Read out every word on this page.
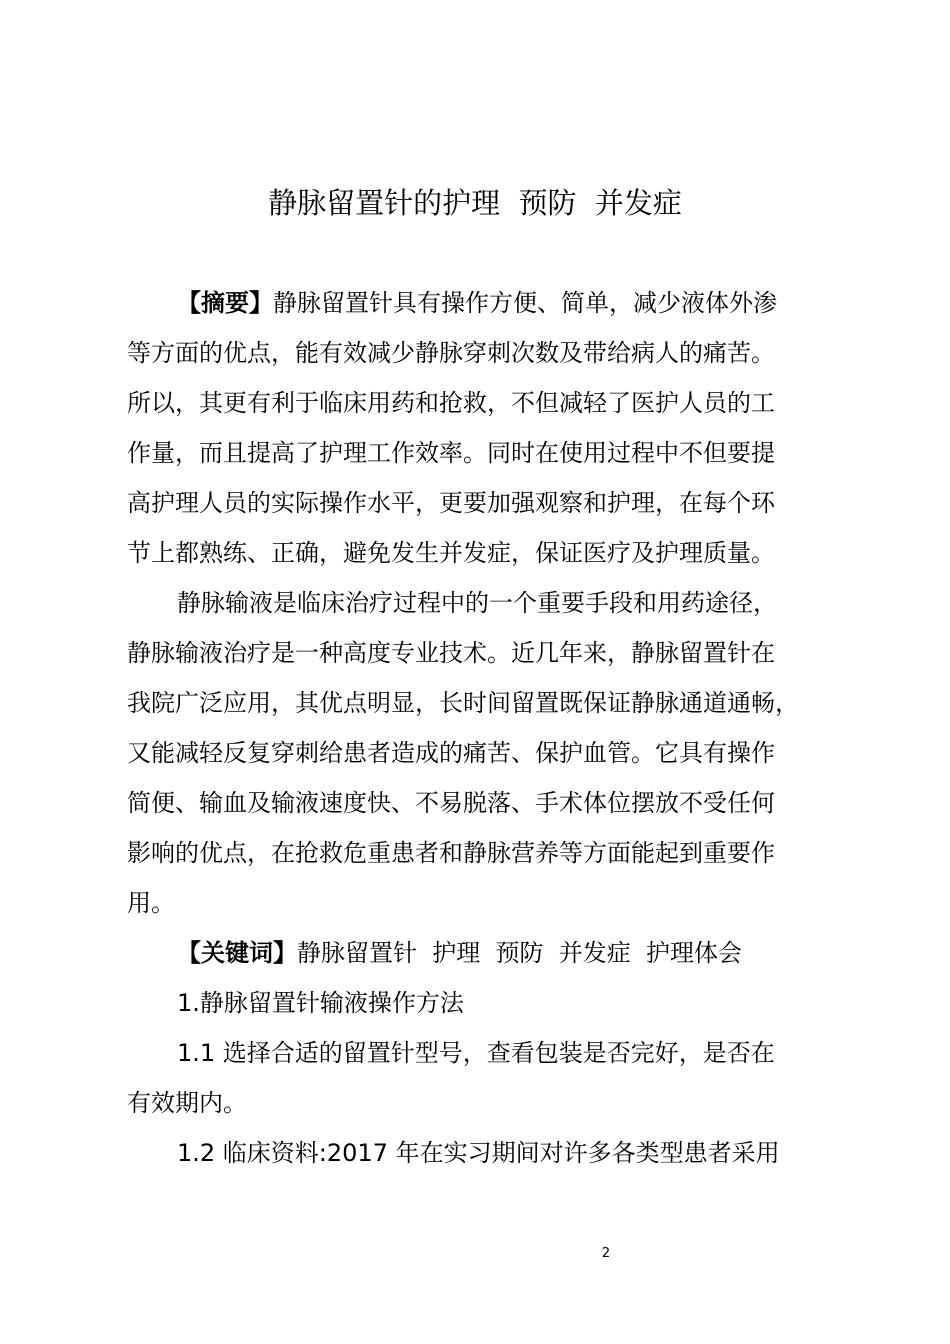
静脉留置针的护理  预防  并发症
【摘要】静脉留置针具有操作方便、简单，减少液体外渗
等方面的优点，能有效减少静脉穿刺次数及带给病人的痛苦。
所以，其更有利于临床用药和抢救，不但减轻了医护人员的工
作量，而且提高了护理工作效率。同时在使用过程中不但要提
高护理人员的实际操作水平，更要加强观察和护理，在每个环
节上都熟练、正确，避免发生并发症，保证医疗及护理质量。
静脉输液是临床治疗过程中的一个重要手段和用药途径，
静脉输液治疗是一种高度专业技术。近几年来，静脉留置针在
我院广泛应用，其优点明显，长时间留置既保证静脉通道通畅，
又能减轻反复穿刺给患者造成的痛苦、保护血管。它具有操作
简便、输血及输液速度快、不易脱落、手术体位摆放不受任何
影响的优点，在抢救危重患者和静脉营养等方面能起到重要作
用。
【关键词】静脉留置针  护理  预防  并发症  护理体会
1.静脉留置针输液操作方法
1.1 选择合适的留置针型号，查看包装是否完好，是否在
有效期内。
1.2 临床资料:2017 年在实习期间对许多各类型患者采用
2
